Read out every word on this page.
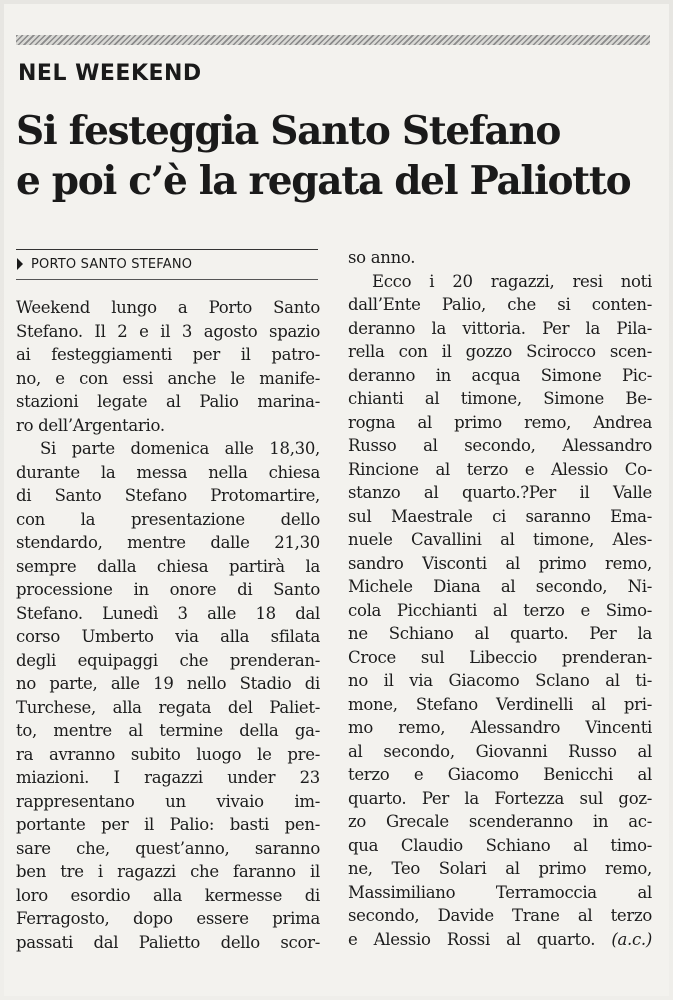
NEL WEEKEND
Si festeggia Santo Stefano
e poi c’è la regata del Paliotto
PORTO SANTO STEFANO
Weekend lungo a Porto Santo
Stefano. Il 2 e il 3 agosto spazio
ai festeggiamenti per il patro-
no, e con essi anche le manife-
stazioni legate al Palio marina-
ro dell’Argentario.
Si parte domenica alle 18,30,
durante la messa nella chiesa
di Santo Stefano Protomartire,
con la presentazione dello
stendardo, mentre dalle 21,30
sempre dalla chiesa partirà la
processione in onore di Santo
Stefano. Lunedì 3 alle 18 dal
corso Umberto via alla sfilata
degli equipaggi che prenderan-
no parte, alle 19 nello Stadio di
Turchese, alla regata del Paliet-
to, mentre al termine della ga-
ra avranno subito luogo le pre-
miazioni. I ragazzi under 23
rappresentano un vivaio im-
portante per il Palio: basti pen-
sare che, quest’anno, saranno
ben tre i ragazzi che faranno il
loro esordio alla kermesse di
Ferragosto, dopo essere prima
passati dal Palietto dello scor-
so anno.
Ecco i 20 ragazzi, resi noti
dall’Ente Palio, che si conten-
deranno la vittoria. Per la Pila-
rella con il gozzo Scirocco scen-
deranno in acqua Simone Pic-
chianti al timone, Simone Be-
rogna al primo remo, Andrea
Russo al secondo, Alessandro
Rincione al terzo e Alessio Co-
stanzo al quarto.?Per il Valle
sul Maestrale ci saranno Ema-
nuele Cavallini al timone, Ales-
sandro Visconti al primo remo,
Michele Diana al secondo, Ni-
cola Picchianti al terzo e Simo-
ne Schiano al quarto. Per la
Croce sul Libeccio prenderan-
no il via Giacomo Sclano al ti-
mone, Stefano Verdinelli al pri-
mo remo, Alessandro Vincenti
al secondo, Giovanni Russo al
terzo e Giacomo Benicchi al
quarto. Per la Fortezza sul goz-
zo Grecale scenderanno in ac-
qua Claudio Schiano al timo-
ne, Teo Solari al primo remo,
Massimiliano Terramoccia al
secondo, Davide Trane al terzo
e Alessio Rossi al quarto. (a.c.)
